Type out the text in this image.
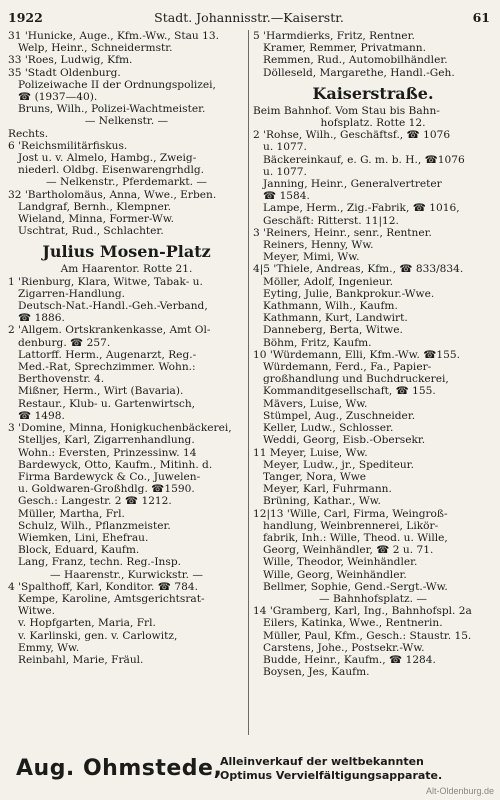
1922	Stadt. Johannisstr.—Kaiserstr.	61
31 'Hunicke, Auge., Kfm.-Ww., Stau 13.
Welp, Heinr., Schneidermstr.
33 'Roes, Ludwig, Kfm.
35 'Stadt Oldenburg.
Polizeiwache II der Ordnungspolizei,
☎ (1937—40).
Bruns, Wilh., Polizei-Wachtmeister.
— Nelkenstr. —
Rechts.
6 'Reichsmilitärfiskus.
Jost u. v. Almelo, Hambg., Zweig-
niederl. Oldbg. Eisenwarengrhdlg.
— Nelkenstr., Pferdemarkt. —
32 'Bartholomäus, Anna, Wwe., Erben.
Landgraf, Bernh., Klempner.
Wieland, Minna, Former-Ww.
Uschtrat, Rud., Schlachter.
Julius Mosen-Platz
Am Haarentor. Rotte 21.
1 'Rienburg, Klara, Witwe, Tabak- u.
Zigarren-Handlung.
Deutsch-Nat.-Handl.-Geh.-Verband,
☎ 1886.
2 'Allgem. Ortskrankenkasse, Amt Ol-
denburg. ☎ 257.
Lattorff. Herm., Augenarzt, Reg.-
Med.-Rat, Sprechzimmer. Wohn.:
Berthovenstr. 4.
Mißner, Herm., Wirt (Bavaria).
Restaur., Klub- u. Gartenwirtsch,
☎ 1498.
3 'Domine, Minna, Honigkuchenbäckerei,
Stelljes, Karl, Zigarrenhandlung.
Wohn.: Eversten, Prinzessinw. 14
Bardewyck, Otto, Kaufm., Mitinh. d.
Firma Bardewyck & Co., Juwelen-
u. Goldwaren-Großhdlg. ☎1590.
Gesch.: Langestr. 2 ☎ 1212.
Müller, Martha, Frl.
Schulz, Wilh., Pflanzmeister.
Wiemken, Lini, Ehefrau.
Block, Eduard, Kaufm.
Lang, Franz, techn. Reg.-Insp.
— Haarenstr., Kurwickstr. —
4 'Spalthoff, Karl, Konditor. ☎ 784.
Kempe, Karoline, Amtsgerichtsrat-
Witwe.
v. Hopfgarten, Maria, Frl.
v. Karlinski, gen. v. Carlowitz,
Emmy, Ww.
Reinbahl, Marie, Fräul.
5 'Harmdierks, Fritz, Rentner.
Kramer, Remmer, Privatmann.
Remmen, Rud., Automobilhändler.
Dölleseld, Margarethe, Handl.-Geh.
Kaiserstraße.
Beim Bahnhof. Vom Stau bis Bahn-
hofsplatz. Rotte 12.
2 'Rohse, Wilh., Geschäftsf., ☎ 1076
u. 1077.
Bäckereinkauf, e. G. m. b. H., ☎1076
u. 1077.
Janning, Heinr., Generalvertreter
☎ 1584.
Lampe, Herm., Zig.-Fabrik, ☎ 1016,
Geschäft: Ritterst. 11|12.
3 'Reiners, Heinr., senr., Rentner.
Reiners, Henny, Ww.
Meyer, Mimi, Ww.
4|5 'Thiele, Andreas, Kfm., ☎ 833/834.
Möller, Adolf, Ingenieur.
Eyting, Julie, Bankprokur.-Wwe.
Kathmann, Wilh., Kaufm.
Kathmann, Kurt, Landwirt.
Danneberg, Berta, Witwe.
Böhm, Fritz, Kaufm.
10 'Würdemann, Elli, Kfm.-Ww. ☎155.
Würdemann, Ferd., Fa., Papier-
großhandlung und Buchdruckerei,
Kommanditgesellschaft, ☎ 155.
Mävers, Luise, Ww.
Stümpel, Aug., Zuschneider.
Keller, Ludw., Schlosser.
Weddi, Georg, Eisb.-Obersekr.
11 Meyer, Luise, Ww.
Meyer, Ludw., jr., Spediteur.
Tanger, Nora, Wwe
Meyer, Karl, Fuhrmann.
Brüning, Kathar., Ww.
12|13 'Wille, Carl, Firma, Weingroß-
handlung, Weinbrennerei, Likör-
fabrik, Inh.: Wille, Theod. u. Wille,
Georg, Weinhändler, ☎ 2 u. 71.
Wille, Theodor, Weinhändler.
Wille, Georg, Weinhändler.
Bellmer, Sophie, Gend.-Sergt.-Ww.
— Bahnhofsplatz. —
14 'Gramberg, Karl, Ing., Bahnhofspl. 2a
Eilers, Katinka, Wwe., Rentnerin.
Müller, Paul, Kfm., Gesch.: Staustr. 15.
Carstens, Johe., Postsekr.-Ww.
Budde, Heinr., Kaufm., ☎ 1284.
Boysen, Jes, Kaufm.
Aug. Ohmstede,
Alleinverkauf der weltbekannten
Optimus Vervielfältigungsapparate.
Alt-Oldenburg.de
